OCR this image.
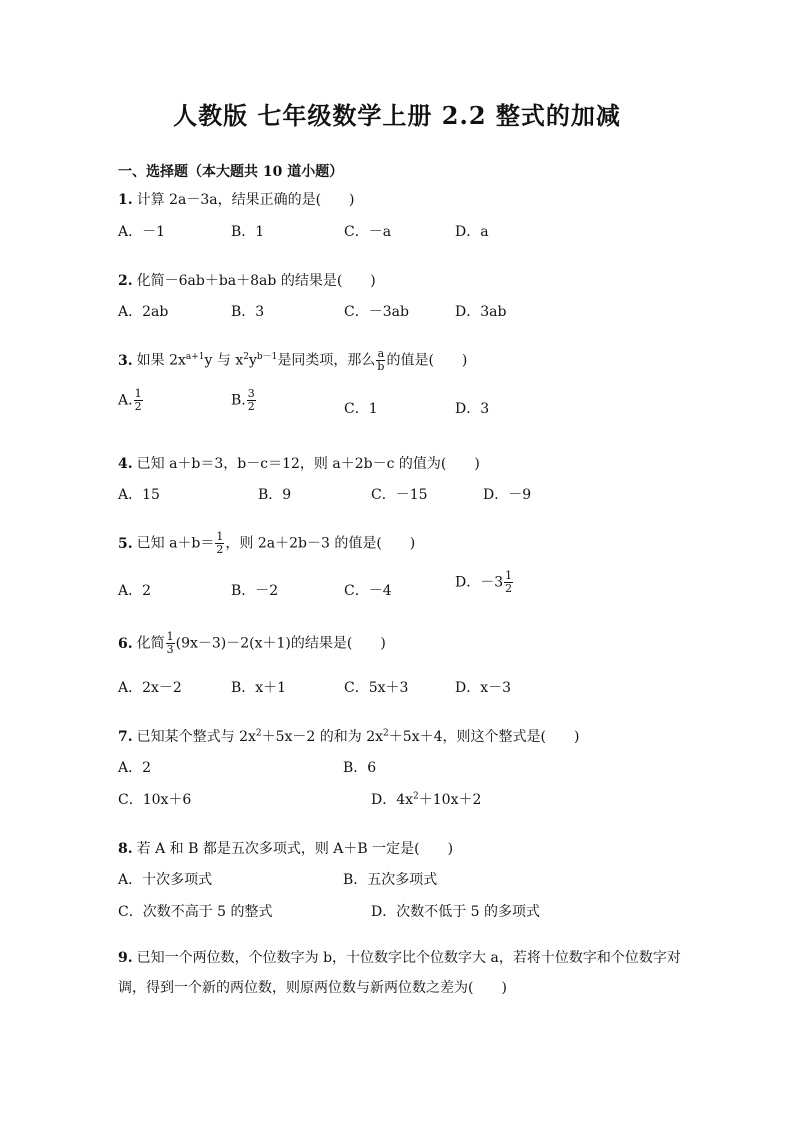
人教版 七年级数学上册 2.2 整式的加减
一、选择题（本大题共 10 道小题）
1. 计算 2a－3a，结果正确的是(　　)
A．－1	B．1	C．－a	D．a
2. 化简－6ab＋ba＋8ab 的结果是(　　)
A．2ab	B．3	C．－3ab	D．3ab
3. 如果 $2x^{a+1}y$ 与 $x^2y^{b-1}$是同类项，那么 $\frac{a}{b}$ 的值是(　　)
A. $\frac{1}{2}$	B. $\frac{3}{2}$	C．1	D．3
4. 已知 a＋b＝3，b－c＝12，则 a＋2b－c 的值为(　　)
A．15	B．9	C．－15	D．－9
5. 已知 $a+b= \frac{1}{2}$ ，则 2a＋2b－3 的值是(　　)
A．2	B．－2	C．－4
D．$-3 \frac{1}{2}$
6. 化简 $\frac{1}{3} (9x-3)-2(x+1)$的结果是(　　)
A．2x－2	B．x＋1	C．5x＋3	D．x－3
7. 已知某个整式与 $2x^2+5x-2$ 的和为 $2x^2+5x+4$，则这个整式是(　　)
A．2	B．6
C．10x＋6	D．$4x^2+10x+2$
8. 若 A 和 B 都是五次多项式，则 A＋B 一定是(　　)
A．十次多项式	B．五次多项式
C．次数不高于 5 的整式	D．次数不低于 5 的多项式
9. 已知一个两位数，个位数字为 b，十位数字比个位数字大 a，若将十位数字和个位数字对调，得到一个新的两位数，则原两位数与新两位数之差为(　　)
